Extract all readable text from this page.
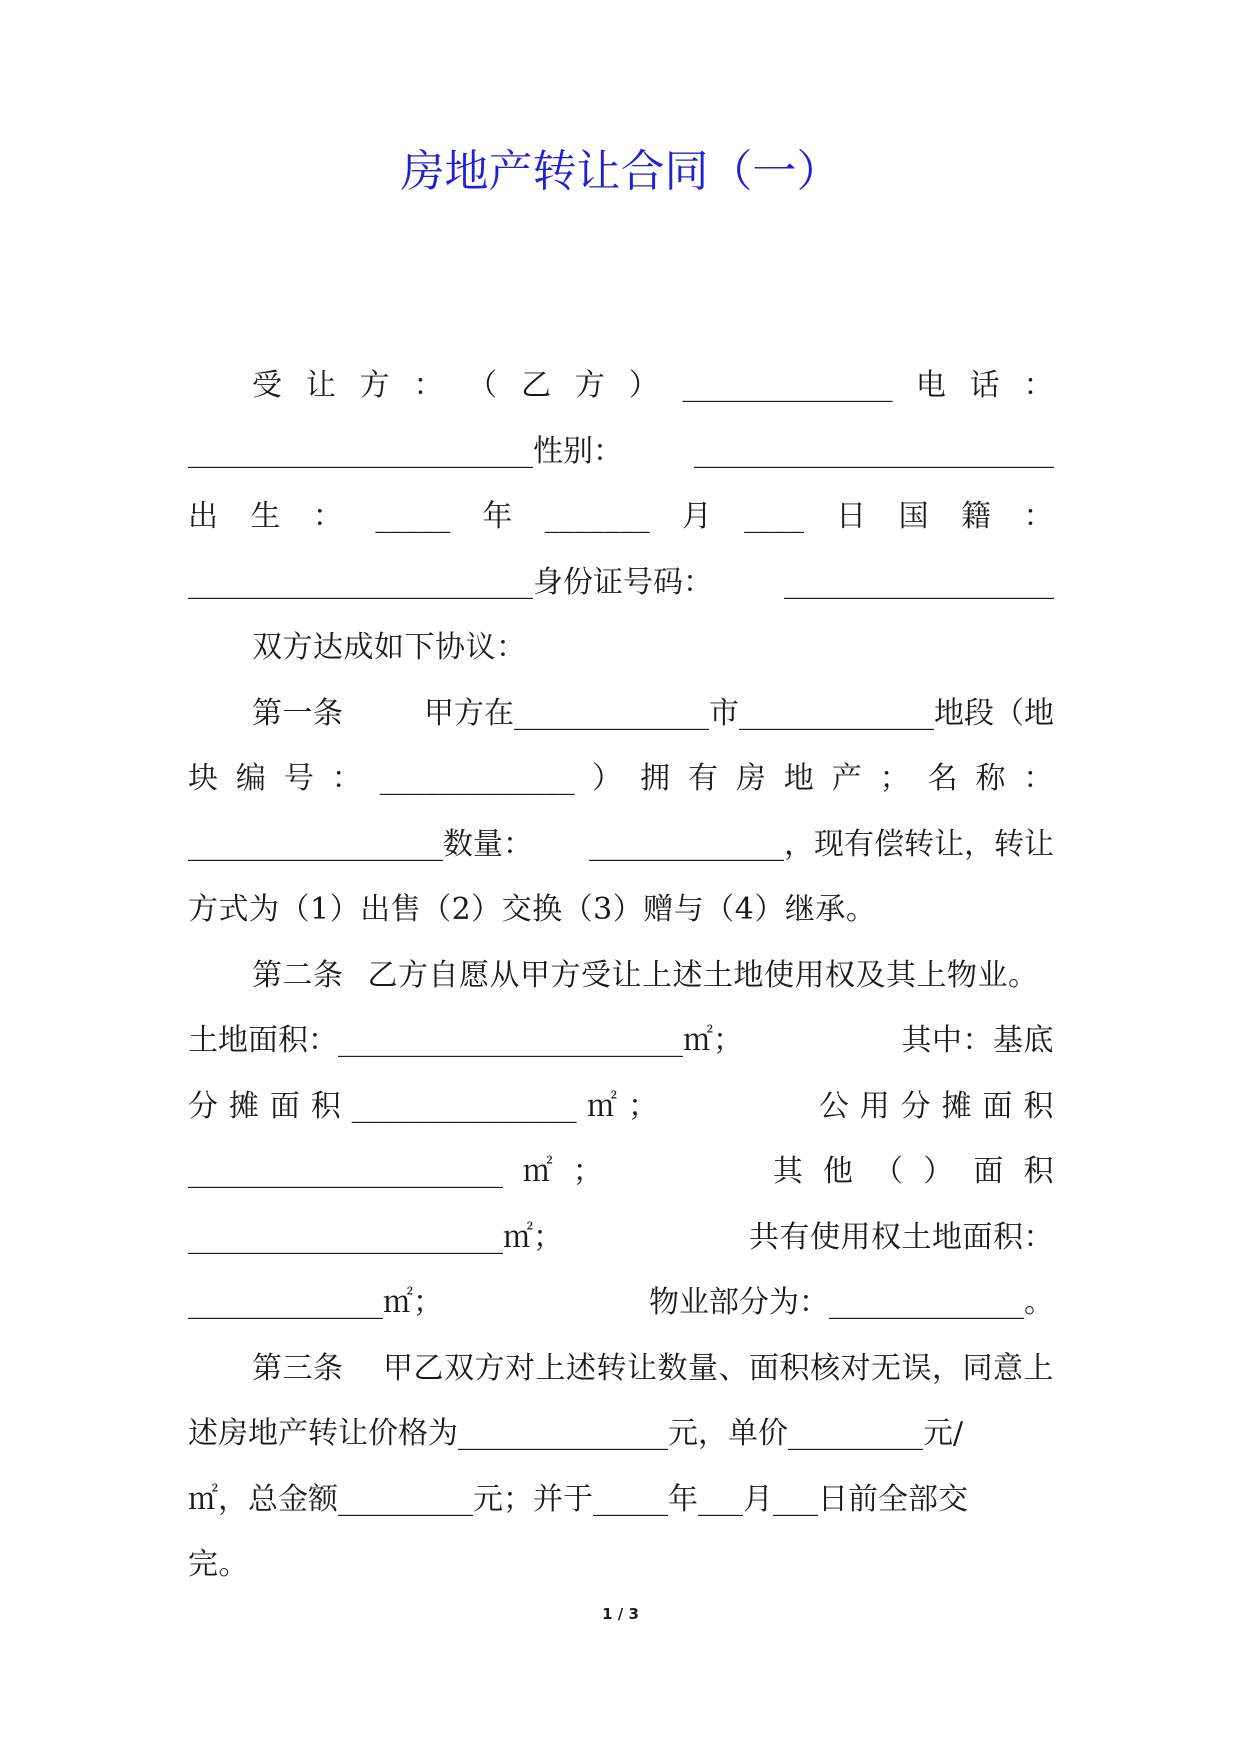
房地产转让合同（一）
受 让 方 ： （ 乙 方 ） ______________ 电 话 ：
_______________________性别： ________________________
出 生 ： _____ 年 _______ 月 ____ 日 国 籍 ：
_______________________身份证号码： __________________
双方达成如下协议：
第一条	甲方在_____________市_____________地段（地
块 编 号 ： _____________ ） 拥 有 房 地 产 ； 名 称 ：
_________________数量： _____________，现有偿转让，转让
方式为（1）出售（2）交换（3）赠与（4）继承。
第二条 乙方自愿从甲方受让上述土地使用权及其上物业。
土地面积：_______________________㎡；	其中：基底
分 摊 面 积 _______________ ㎡ ；	公 用 分 摊 面 积
_____________________ ㎡ ；	其 他 （ ） 面 积
_____________________㎡；	共有使用权土地面积：
_____________㎡；	物业部分为：_____________。
第三条 甲乙双方对上述转让数量、面积核对无误，同意上
述房地产转让价格为______________元，单价_________元/
㎡，总金额_________元；并于_____年___月___日前全部交
完。
1 / 3
